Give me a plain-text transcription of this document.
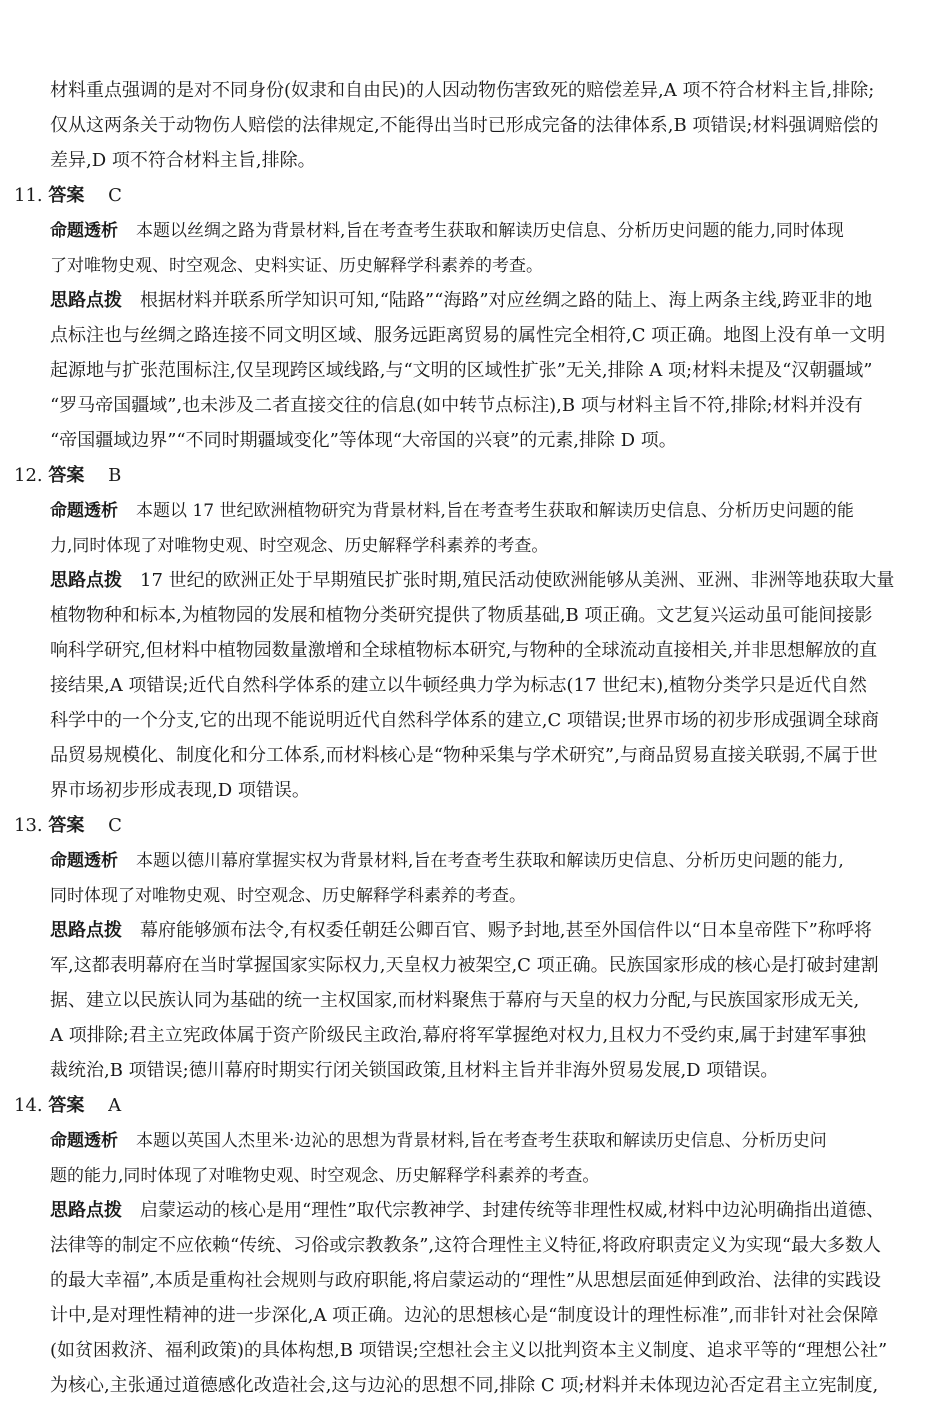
材料重点强调的是对不同身份(奴隶和自由民)的人因动物伤害致死的赔偿差异,A 项不符合材料主旨,排除;
仅从这两条关于动物伤人赔偿的法律规定,不能得出当时已形成完备的法律体系,B 项错误;材料强调赔偿的
差异,D 项不符合材料主旨,排除。
11. 答案 C
命题透析 本题以丝绸之路为背景材料,旨在考查考生获取和解读历史信息、分析历史问题的能力,同时体现
了对唯物史观、时空观念、史料实证、历史解释学科素养的考查。
思路点拨 根据材料并联系所学知识可知,“陆路”“海路”对应丝绸之路的陆上、海上两条主线,跨亚非的地
点标注也与丝绸之路连接不同文明区域、服务远距离贸易的属性完全相符,C 项正确。地图上没有单一文明
起源地与扩张范围标注,仅呈现跨区域线路,与“文明的区域性扩张”无关,排除 A 项;材料未提及“汉朝疆域”
“罗马帝国疆域”,也未涉及二者直接交往的信息(如中转节点标注),B 项与材料主旨不符,排除;材料并没有
“帝国疆域边界”“不同时期疆域变化”等体现“大帝国的兴衰”的元素,排除 D 项。
12. 答案 B
命题透析 本题以 17 世纪欧洲植物研究为背景材料,旨在考查考生获取和解读历史信息、分析历史问题的能
力,同时体现了对唯物史观、时空观念、历史解释学科素养的考查。
思路点拨 17 世纪的欧洲正处于早期殖民扩张时期,殖民活动使欧洲能够从美洲、亚洲、非洲等地获取大量
植物物种和标本,为植物园的发展和植物分类研究提供了物质基础,B 项正确。文艺复兴运动虽可能间接影
响科学研究,但材料中植物园数量激增和全球植物标本研究,与物种的全球流动直接相关,并非思想解放的直
接结果,A 项错误;近代自然科学体系的建立以牛顿经典力学为标志(17 世纪末),植物分类学只是近代自然
科学中的一个分支,它的出现不能说明近代自然科学体系的建立,C 项错误;世界市场的初步形成强调全球商
品贸易规模化、制度化和分工体系,而材料核心是“物种采集与学术研究”,与商品贸易直接关联弱,不属于世
界市场初步形成表现,D 项错误。
13. 答案 C
命题透析 本题以德川幕府掌握实权为背景材料,旨在考查考生获取和解读历史信息、分析历史问题的能力,
同时体现了对唯物史观、时空观念、历史解释学科素养的考查。
思路点拨 幕府能够颁布法令,有权委任朝廷公卿百官、赐予封地,甚至外国信件以“日本皇帝陛下”称呼将
军,这都表明幕府在当时掌握国家实际权力,天皇权力被架空,C 项正确。民族国家形成的核心是打破封建割
据、建立以民族认同为基础的统一主权国家,而材料聚焦于幕府与天皇的权力分配,与民族国家形成无关,
A 项排除;君主立宪政体属于资产阶级民主政治,幕府将军掌握绝对权力,且权力不受约束,属于封建军事独
裁统治,B 项错误;德川幕府时期实行闭关锁国政策,且材料主旨并非海外贸易发展,D 项错误。
14. 答案 A
命题透析 本题以英国人杰里米·边沁的思想为背景材料,旨在考查考生获取和解读历史信息、分析历史问
题的能力,同时体现了对唯物史观、时空观念、历史解释学科素养的考查。
思路点拨 启蒙运动的核心是用“理性”取代宗教神学、封建传统等非理性权威,材料中边沁明确指出道德、
法律等的制定不应依赖“传统、习俗或宗教教条”,这符合理性主义特征,将政府职责定义为实现“最大多数人
的最大幸福”,本质是重构社会规则与政府职能,将启蒙运动的“理性”从思想层面延伸到政治、法律的实践设
计中,是对理性精神的进一步深化,A 项正确。边沁的思想核心是“制度设计的理性标准”,而非针对社会保障
(如贫困救济、福利政策)的具体构想,B 项错误;空想社会主义以批判资本主义制度、追求平等的“理想公社”
为核心,主张通过道德感化改造社会,这与边沁的思想不同,排除 C 项;材料并未体现边沁否定君主立宪制度,
